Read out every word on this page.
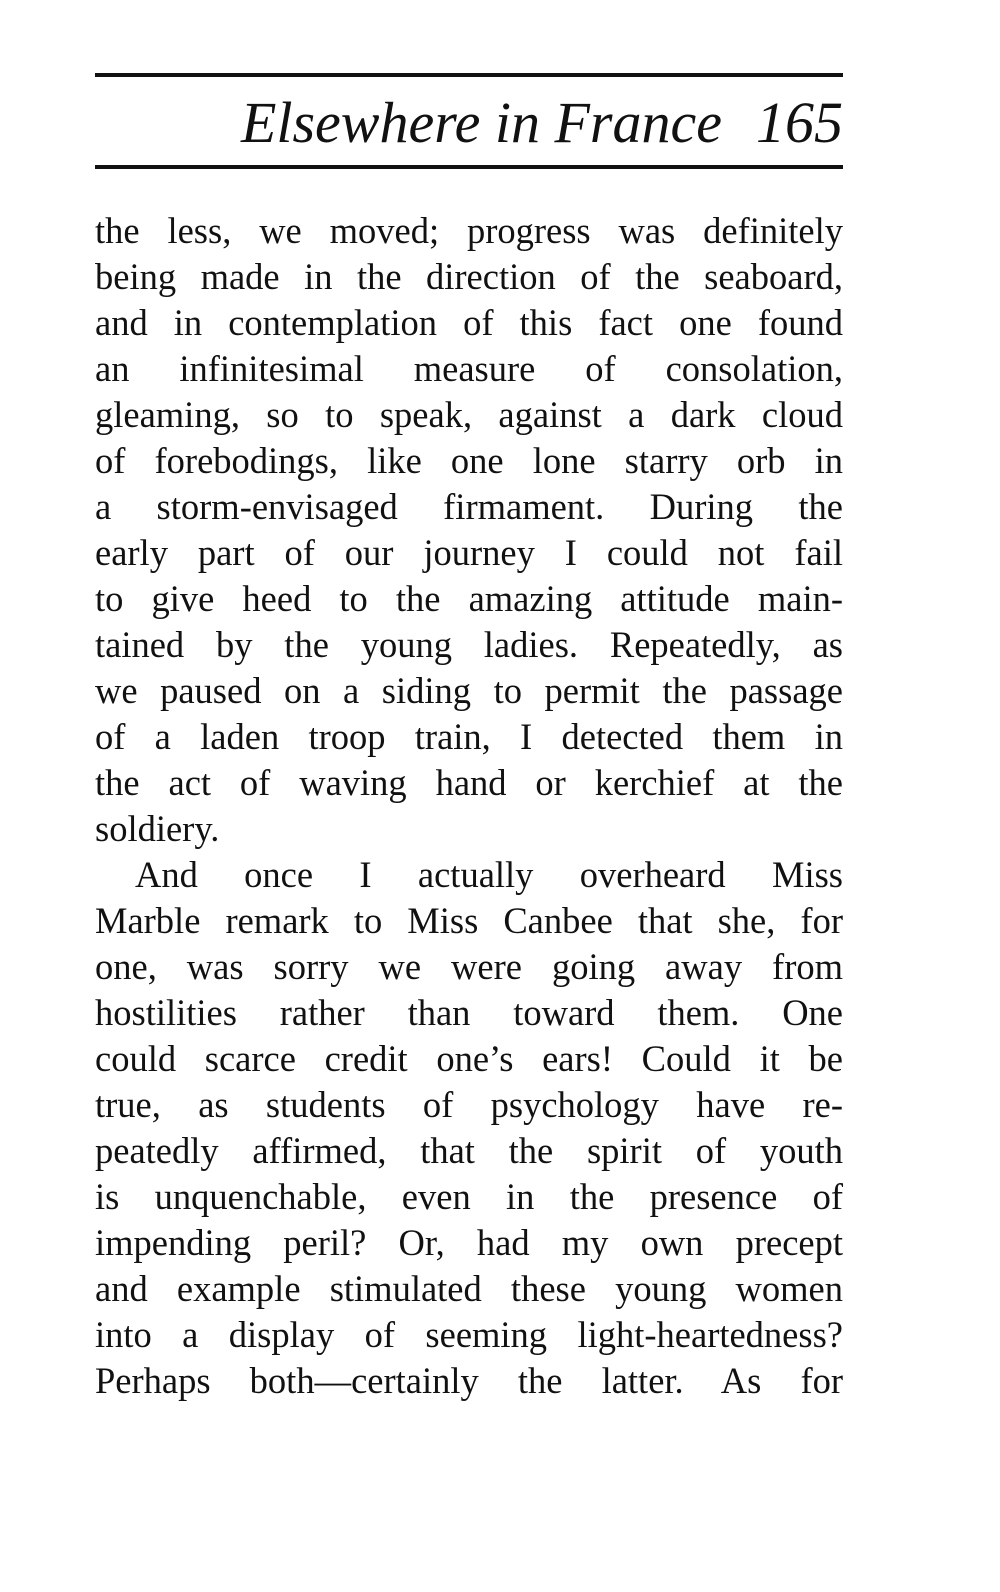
Elsewhere in France 165
the less, we moved; progress was definitely
being made in the direction of the seaboard,
and in contemplation of this fact one found
an infinitesimal measure of consolation,
gleaming, so to speak, against a dark cloud
of forebodings, like one lone starry orb in
a storm-envisaged firmament. During the
early part of our journey I could not fail
to give heed to the amazing attitude main-
tained by the young ladies. Repeatedly, as
we paused on a siding to permit the passage
of a laden troop train, I detected them in
the act of waving hand or kerchief at the
soldiery.
And once I actually overheard Miss
Marble remark to Miss Canbee that she, for
one, was sorry we were going away from
hostilities rather than toward them. One
could scarce credit one’s ears! Could it be
true, as students of psychology have re-
peatedly affirmed, that the spirit of youth
is unquenchable, even in the presence of
impending peril? Or, had my own precept
and example stimulated these young women
into a display of seeming light-heartedness?
Perhaps both—certainly the latter. As for
